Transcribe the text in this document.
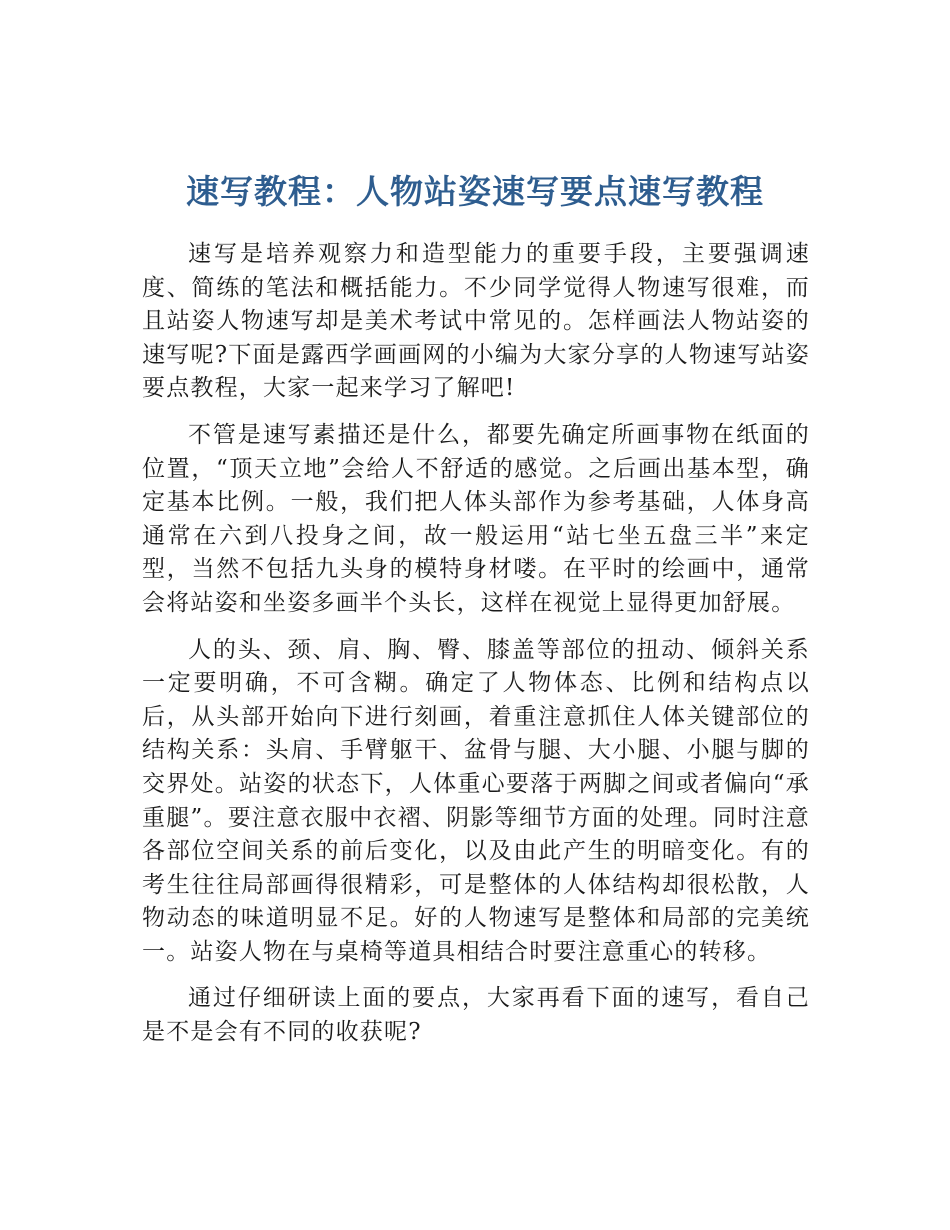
速写教程：人物站姿速写要点速写教程

速写是培养观察力和造型能力的重要手段，主要强调速度、简练的笔法和概括能力。不少同学觉得人物速写很难，而且站姿人物速写却是美术考试中常见的。怎样画法人物站姿的速写呢?下面是露西学画画网的小编为大家分享的人物速写站姿要点教程，大家一起来学习了解吧!

不管是速写素描还是什么，都要先确定所画事物在纸面的位置，“顶天立地”会给人不舒适的感觉。之后画出基本型，确定基本比例。一般，我们把人体头部作为参考基础，人体身高通常在六到八投身之间，故一般运用“站七坐五盘三半”来定型，当然不包括九头身的模特身材喽。在平时的绘画中，通常会将站姿和坐姿多画半个头长，这样在视觉上显得更加舒展。

人的头、颈、肩、胸、臀、膝盖等部位的扭动、倾斜关系一定要明确，不可含糊。确定了人物体态、比例和结构点以后，从头部开始向下进行刻画，着重注意抓住人体关键部位的结构关系：头肩、手臂躯干、盆骨与腿、大小腿、小腿与脚的交界处。站姿的状态下，人体重心要落于两脚之间或者偏向“承重腿”。要注意衣服中衣褶、阴影等细节方面的处理。同时注意各部位空间关系的前后变化，以及由此产生的明暗变化。有的考生往往局部画得很精彩，可是整体的人体结构却很松散，人物动态的味道明显不足。好的人物速写是整体和局部的完美统一。站姿人物在与桌椅等道具相结合时要注意重心的转移。

通过仔细研读上面的要点，大家再看下面的速写，看自己是不是会有不同的收获呢?
